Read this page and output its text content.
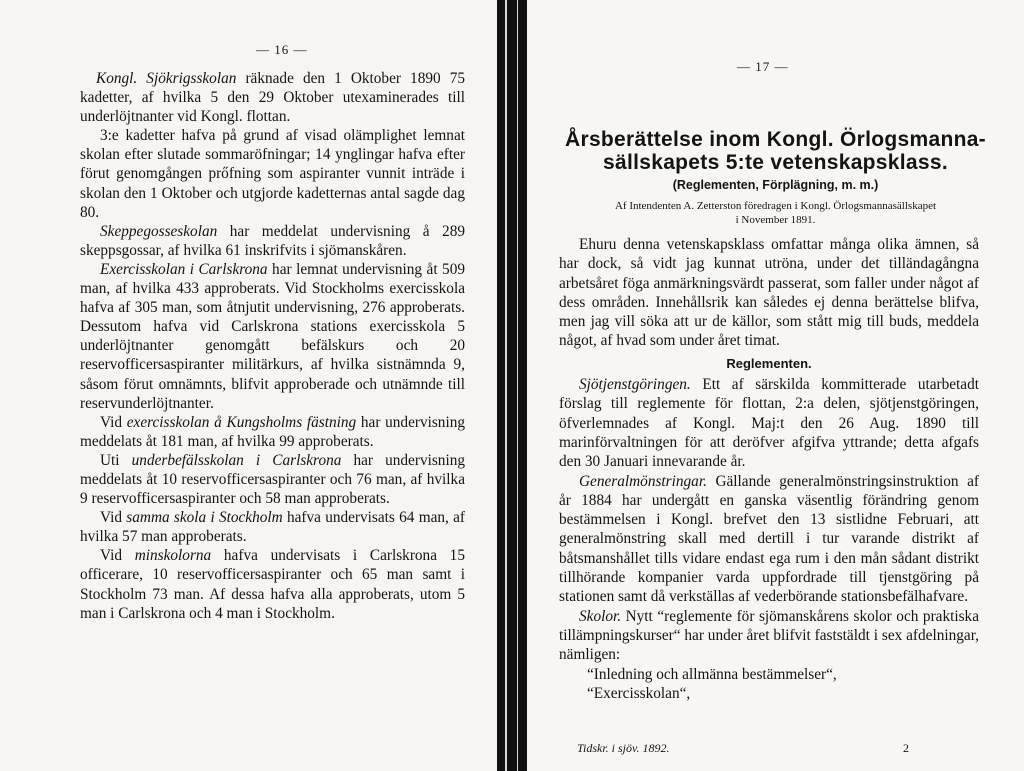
— 16 —

Kongl. Sjökrigsskolan räknade den 1 Oktober 1890 75 kadetter, af hvilka 5 den 29 Oktober utexaminerades till underlöjtnanter vid Kongl. flottan.

3:e kadetter hafva på grund af visad olämplighet lemnat skolan efter slutade sommaröfningar; 14 ynglingar hafva efter förut genomgången prőfning som aspiranter vunnit inträde i skolan den 1 Oktober och utgjorde kadetternas antal sagde dag 80.

Skeppegosseskolan har meddelat undervisning å 289 skeppsgossar, af hvilka 61 inskrifvits i sjömanskåren.

Exercisskolan i Carlskrona har lemnat undervisning åt 509 man, af hvilka 433 approberats. Vid Stockholms exercisskola hafva af 305 man, som åtnjutit undervisning, 276 approberats. Dessutom hafva vid Carlskrona stations exercisskola 5 underlöjtnanter genomgått befälskurs och 20 reservofficersaspiranter militärkurs, af hvilka sistnämnda 9, såsom förut omnämnts, blifvit approberade och utnämnde till reservunderlöjtnanter.

Vid exercisskolan å Kungsholms fästning har undervisning meddelats åt 181 man, af hvilka 99 approberats.

Uti underbefälsskolan i Carlskrona har undervisning meddelats åt 10 reservofficersaspiranter och 76 man, af hvilka 9 reservofficersaspiranter och 58 man approberats.

Vid samma skola i Stockholm hafva undervisats 64 man, af hvilka 57 man approberats.

Vid minskolorna hafva undervisats i Carlskrona 15 officerare, 10 reservofficersaspiranter och 65 man samt i Stockholm 73 man. Af dessa hafva alla approberats, utom 5 man i Carlskrona och 4 man i Stockholm.

— 17 —
Årsberättelse inom Kongl. Örlogsmanna-
sällskapets 5:te vetenskapsklass.
(Reglementen, Förplägning, m. m.)
Af Intendenten A. Zetterston föredragen i Kongl. Örlogsmannasällskapet
i November 1891.

Ehuru denna vetenskapsklass omfattar många olika ämnen, så har dock, så vidt jag kunnat utröna, under det tilländagångna arbetsåret föga anmärkningsvärdt passerat, som faller under något af dess områden. Innehållsrik kan således ej denna berättelse blifva, men jag vill söka att ur de källor, som stått mig till buds, meddela något, af hvad som under året timat.

Reglementen.

Sjötjenstgöringen. Ett af särskilda kommitterade utarbetadt förslag till reglemente för flottan, 2:a delen, sjötjenstgöringen, öfverlemnades af Kongl. Maj:t den 26 Aug. 1890 till marinförvaltningen för att deröfver afgifva yttrande; detta afgafs den 30 Januari innevarande år.

Generalmönstringar. Gällande generalmönstringsinstruktion af år 1884 har undergått en ganska väsentlig förändring genom bestämmelsen i Kongl. brefvet den 13 sistlidne Februari, att generalmönstring skall med dertill i tur varande distrikt af båtsmanshållet tills vidare endast ega rum i den mån sådant distrikt tillhörande kompanier varda uppfordrade till tjenstgöring på stationen samt då verkställas af vederbörande stationsbefälhafvare.

Skolor. Nytt “reglemente för sjömanskårens skolor och praktiska tillämpningskurser“ har under året blifvit faststäldt i sex afdelningar, nämligen:

“Inledning och allmänna bestämmelser“,

“Exercisskolan“,

Tidskr. i sjöv. 1892.	2
